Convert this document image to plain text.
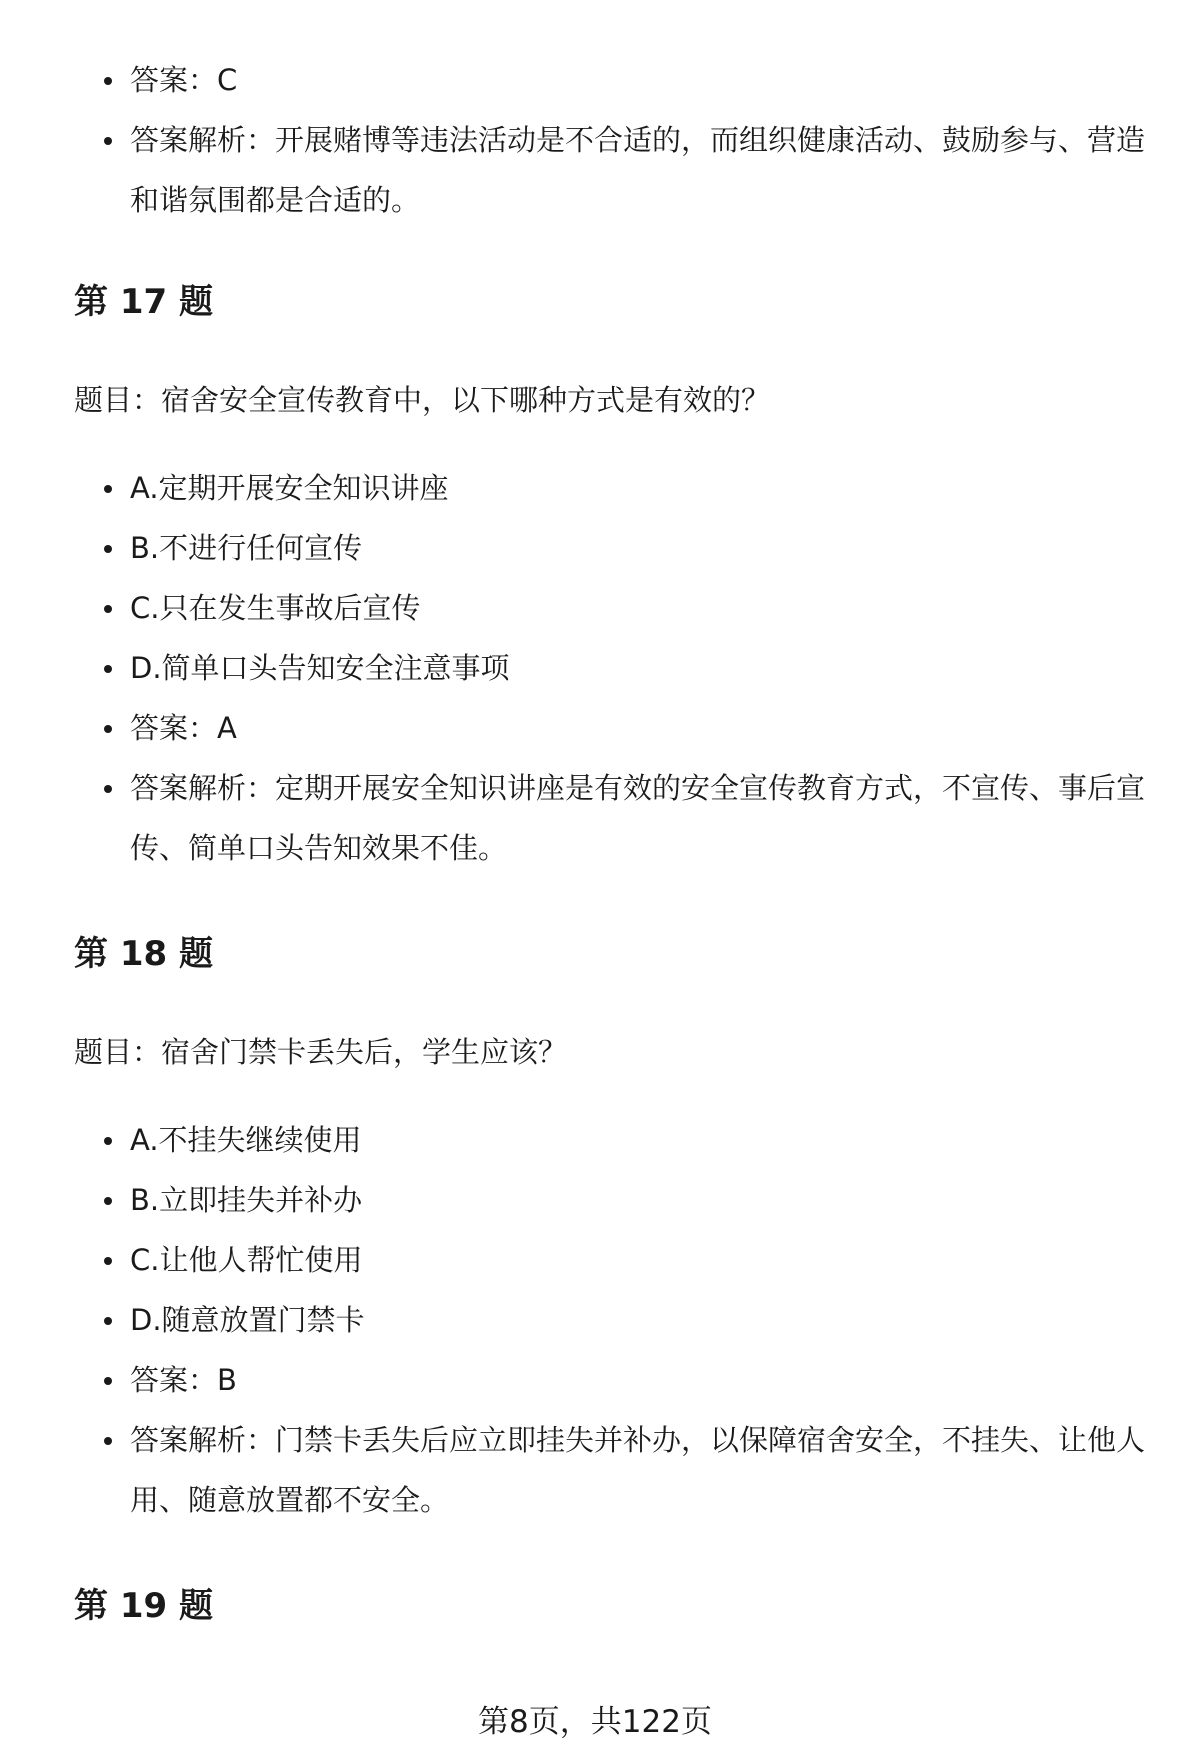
答案：C
答案解析：开展赌博等违法活动是不合适的，而组织健康活动、鼓励参与、营造和谐氛围都是合适的。
第 17 题

题目：宿舍安全宣传教育中，以下哪种方式是有效的？

A.定期开展安全知识讲座
B.不进行任何宣传
C.只在发生事故后宣传
D.简单口头告知安全注意事项
答案：A
答案解析：定期开展安全知识讲座是有效的安全宣传教育方式，不宣传、事后宣传、简单口头告知效果不佳。
第 18 题

题目：宿舍门禁卡丢失后，学生应该？

A.不挂失继续使用
B.立即挂失并补办
C.让他人帮忙使用
D.随意放置门禁卡
答案：B
答案解析：门禁卡丢失后应立即挂失并补办，以保障宿舍安全，不挂失、让他人用、随意放置都不安全。
第 19 题
第8页，共122页
